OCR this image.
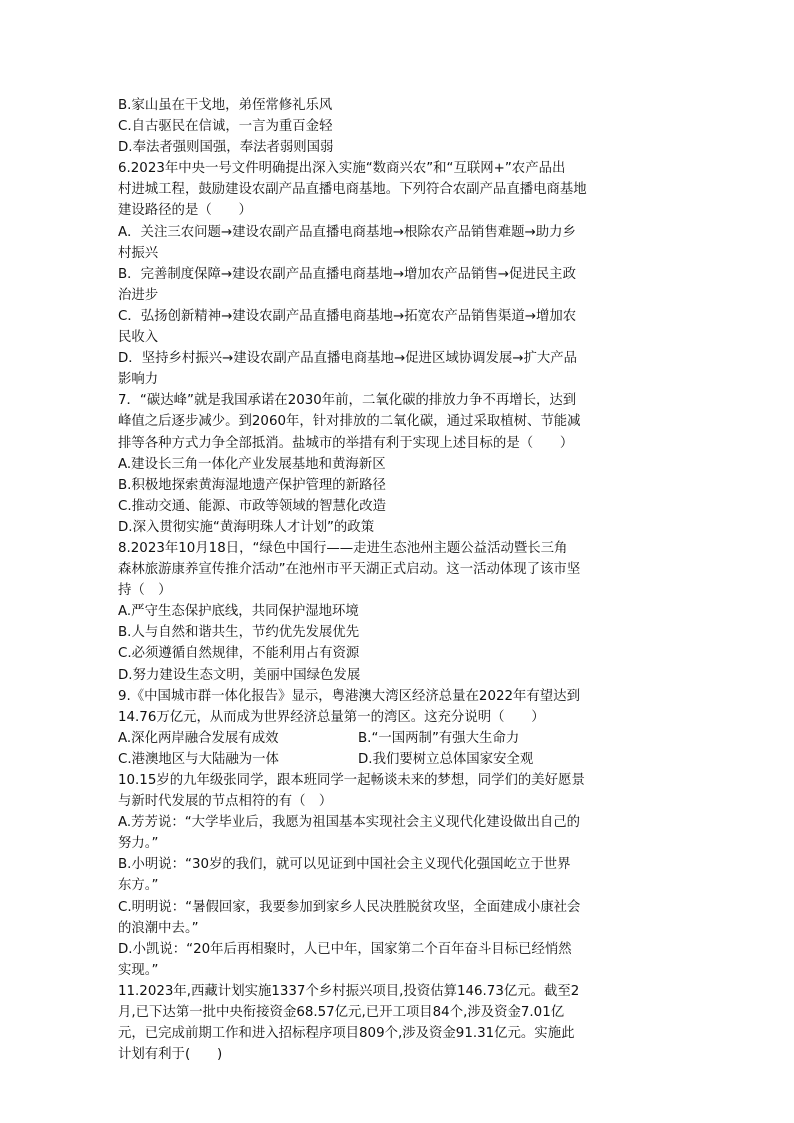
B.家山虽在干戈地，弟侄常修礼乐风
C.自古驱民在信诚，一言为重百金轻
D.奉法者强则国强，奉法者弱则国弱
6.2023年中央一号文件明确提出深入实施“数商兴农”和“互联网+”农产品出
村进城工程，鼓励建设农副产品直播电商基地。下列符合农副产品直播电商基地
建设路径的是（　　）
A．关注三农问题→建设农副产品直播电商基地→根除农产品销售难题→助力乡
村振兴
B．完善制度保障→建设农副产品直播电商基地→增加农产品销售→促进民主政
治进步
C．弘扬创新精神→建设农副产品直播电商基地→拓宽农产品销售渠道→增加农
民收入
D．坚持乡村振兴→建设农副产品直播电商基地→促进区域协调发展→扩大产品
影响力
7．“碳达峰”就是我国承诺在2030年前，二氧化碳的排放力争不再增长，达到
峰值之后逐步减少。到2060年，针对排放的二氧化碳，通过采取植树、节能减
排等各种方式力争全部抵消。盐城市的举措有利于实现上述目标的是（　　）
A.建设长三角一体化产业发展基地和黄海新区
B.积极地探索黄海湿地遗产保护管理的新路径
C.推动交通、能源、市政等领域的智慧化改造
D.深入贯彻实施“黄海明珠人才计划”的政策
8.2023年10月18日，“绿色中国行——走进生态池州主题公益活动暨长三角
森林旅游康养宣传推介活动”在池州市平天湖正式启动。这一活动体现了该市坚
持（　）
A.严守生态保护底线，共同保护湿地环境
B.人与自然和谐共生，节约优先发展优先
C.必须遵循自然规律，不能利用占有资源
D.努力建设生态文明，美丽中国绿色发展
9.《中国城市群一体化报告》显示，粤港澳大湾区经济总量在2022年有望达到
14.76万亿元，从而成为世界经济总量第一的湾区。这充分说明（　　）
A.深化两岸融合发展有成效	B.“一国两制”有强大生命力
C.港澳地区与大陆融为一体	D.我们要树立总体国家安全观
10.15岁的九年级张同学，跟本班同学一起畅谈未来的梦想，同学们的美好愿景
与新时代发展的节点相符的有（　）
A.芳芳说：“大学毕业后，我愿为祖国基本实现社会主义现代化建设做出自己的
努力。”
B.小明说：“30岁的我们，就可以见证到中国社会主义现代化强国屹立于世界
东方。”
C.明明说：“暑假回家，我要参加到家乡人民决胜脱贫攻坚，全面建成小康社会
的浪潮中去。”
D.小凯说：“20年后再相聚时，人已中年，国家第二个百年奋斗目标已经悄然
实现。”
11.2023年,西藏计划实施1337个乡村振兴项目,投资估算146.73亿元。截至2
月,已下达第一批中央衔接资金68.57亿元,已开工项目84个,涉及资金7.01亿
元，已完成前期工作和进入招标程序项目809个,涉及资金91.31亿元。实施此
计划有利于(　　)
